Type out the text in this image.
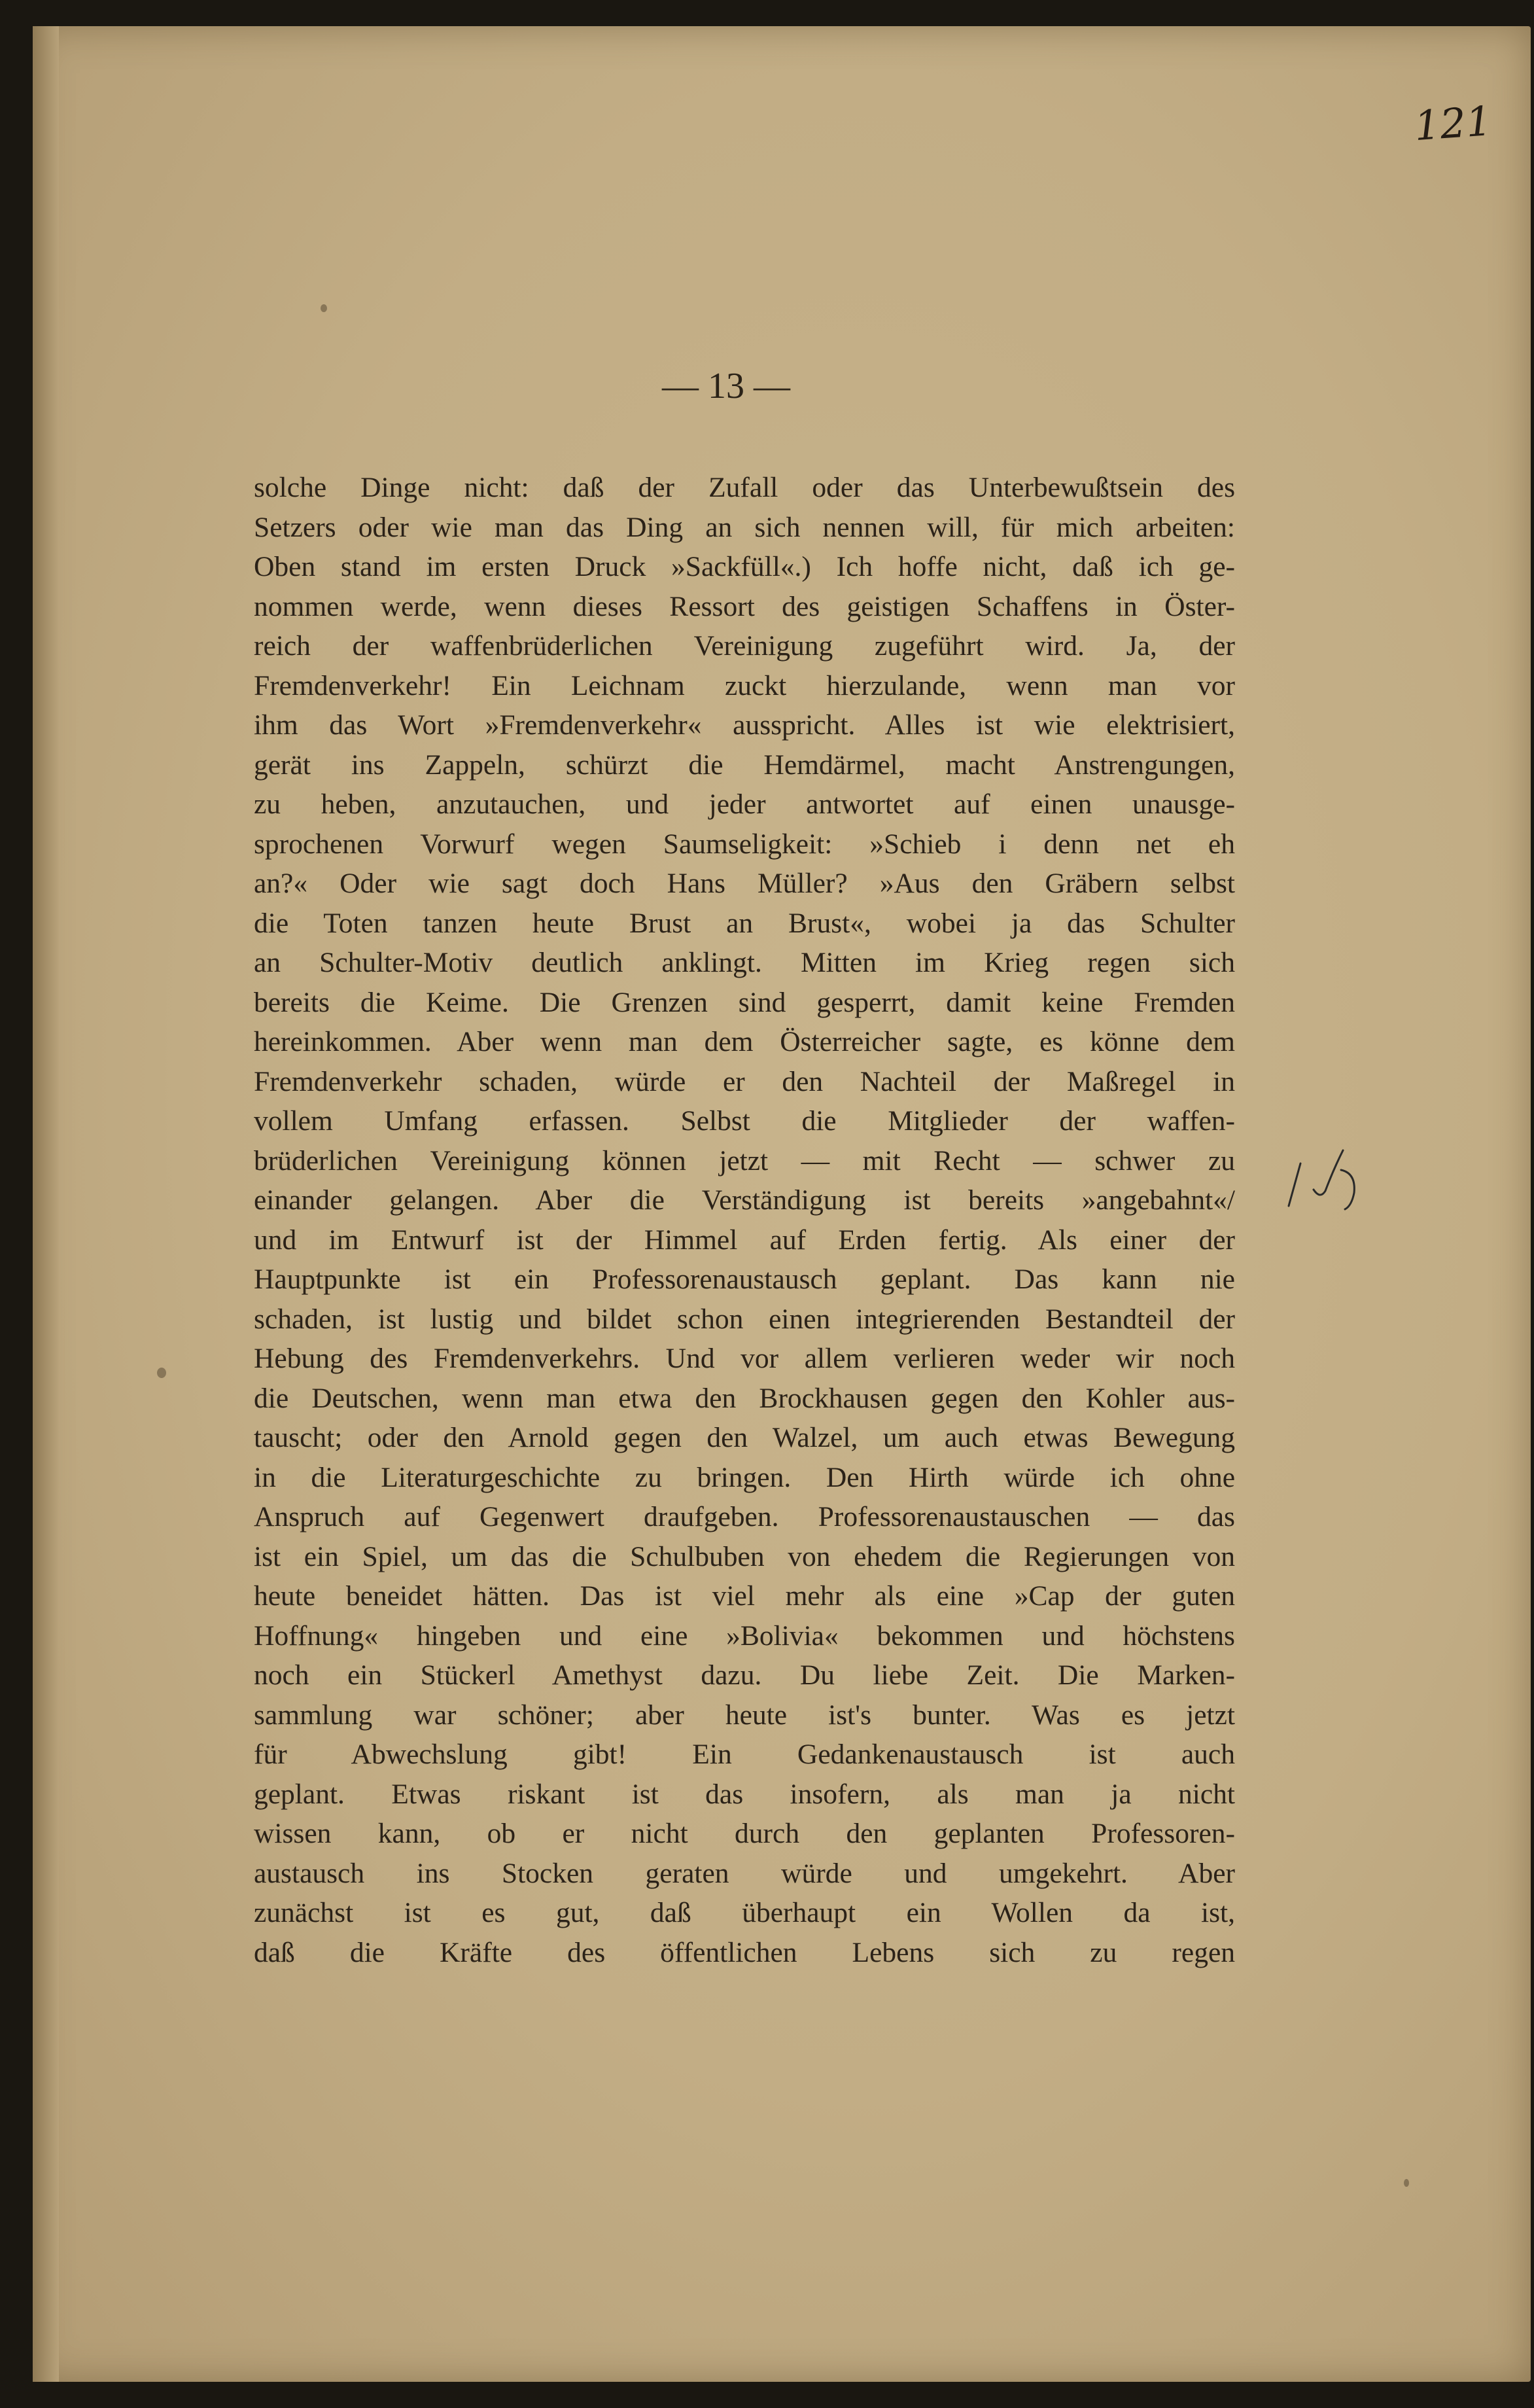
121
— 13 —
solche Dinge nicht: daß der Zufall oder das Unterbewußtsein des
Setzers oder wie man das Ding an sich nennen will, für mich arbeiten:
Oben stand im ersten Druck »Sackfüll«.) Ich hoffe nicht, daß ich ge-
nommen werde, wenn dieses Ressort des geistigen Schaffens in Öster-
reich der waffenbrüderlichen Vereinigung zugeführt wird. Ja, der
Fremdenverkehr! Ein Leichnam zuckt hierzulande, wenn man vor
ihm das Wort »Fremdenverkehr« ausspricht. Alles ist wie elektrisiert,
gerät ins Zappeln, schürzt die Hemdärmel, macht Anstrengungen,
zu heben, anzutauchen, und jeder antwortet auf einen unausge-
sprochenen Vorwurf wegen Saumseligkeit: »Schieb i denn net eh
an?« Oder wie sagt doch Hans Müller? »Aus den Gräbern selbst
die Toten tanzen heute Brust an Brust«, wobei ja das Schulter
an Schulter-Motiv deutlich anklingt. Mitten im Krieg regen sich
bereits die Keime. Die Grenzen sind gesperrt, damit keine Fremden
hereinkommen. Aber wenn man dem Österreicher sagte, es könne dem
Fremdenverkehr schaden, würde er den Nachteil der Maßregel in
vollem Umfang erfassen. Selbst die Mitglieder der waffen-
brüderlichen Vereinigung können jetzt — mit Recht — schwer zu
einander gelangen. Aber die Verständigung ist bereits »angebahnt«/
und im Entwurf ist der Himmel auf Erden fertig. Als einer der
Hauptpunkte ist ein Professorenaustausch geplant. Das kann nie
schaden, ist lustig und bildet schon einen integrierenden Bestandteil der
Hebung des Fremdenverkehrs. Und vor allem verlieren weder wir noch
die Deutschen, wenn man etwa den Brockhausen gegen den Kohler aus-
tauscht; oder den Arnold gegen den Walzel, um auch etwas Bewegung
in die Literaturgeschichte zu bringen. Den Hirth würde ich ohne
Anspruch auf Gegenwert draufgeben. Professorenaustauschen — das
ist ein Spiel, um das die Schulbuben von ehedem die Regierungen von
heute beneidet hätten. Das ist viel mehr als eine »Cap der guten
Hoffnung« hingeben und eine »Bolivia« bekommen und höchstens
noch ein Stückerl Amethyst dazu. Du liebe Zeit. Die Marken-
sammlung war schöner; aber heute ist's bunter. Was es jetzt
für Abwechslung gibt! Ein Gedankenaustausch ist auch
geplant. Etwas riskant ist das insofern, als man ja nicht
wissen kann, ob er nicht durch den geplanten Professoren-
austausch ins Stocken geraten würde und umgekehrt. Aber
zunächst ist es gut, daß überhaupt ein Wollen da ist,
daß die Kräfte des öffentlichen Lebens sich zu regen
